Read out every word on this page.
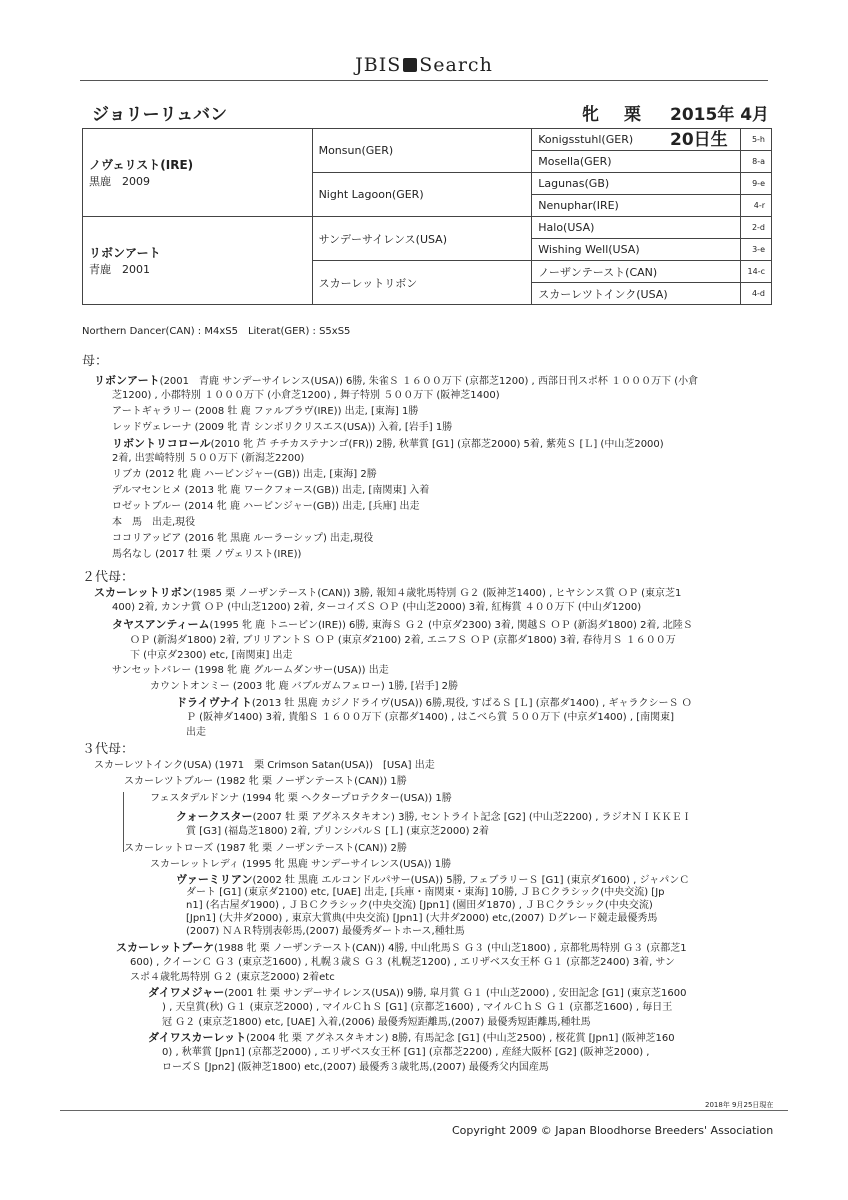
JBIS Search
ジョリーリュバン	牝　栗 2015年 4月20日生
ノヴェリスト(IRE)
黒鹿　2009	Monsun(GER)	Konigsstuhl(GER)	5-h
		Mosella(GER)	8-a
	Night Lagoon(GER)	Lagunas(GB)	9-e
		Nenuphar(IRE)	4-r

リボンアート
青鹿　2001	サンデーサイレンス(USA)	Halo(USA)	2-d
		Wishing Well(USA)	3-e
	スカーレットリボン	ノーザンテースト(CAN)	14-c
		スカーレツトインク(USA)	4-d
Northern Dancer(CAN) : M4xS5　Literat(GER) : S5xS5
母：
２代母：
３代母：
リボンアート(2001　青鹿 サンデーサイレンス(USA)) 6勝, 朱雀Ｓ １６００万下 (京都芝1200) , 西部日刊スポ杯 １０００万下 (小倉
芝1200) , 小郡特別 １０００万下 (小倉芝1200) , 舞子特別 ５００万下 (阪神芝1400)
アートギャラリー (2008 牡 鹿 ファルブラヴ(IRE)) 出走, [東海] 1勝
レッドヴェレーナ (2009 牝 青 シンボリクリスエス(USA)) 入着, [岩手] 1勝
リボントリコロール(2010 牝 芦 チチカステナンゴ(FR)) 2勝, 秋華賞 [G1] (京都芝2000) 5着, 紫苑Ｓ [Ｌ] (中山芝2000)
2着, 出雲崎特別 ５００万下 (新潟芝2200)
リブカ (2012 牝 鹿 ハービンジャー(GB)) 出走, [東海] 2勝
デルマセンヒメ (2013 牝 鹿 ワークフォース(GB)) 出走, [南関東] 入着
ロゼットブルー (2014 牝 鹿 ハービンジャー(GB)) 出走, [兵庫] 出走
本　馬　出走,現役
ココリアッピア (2016 牝 黒鹿 ルーラーシップ) 出走,現役
馬名なし (2017 牡 栗 ノヴェリスト(IRE))
スカーレットリボン(1985 栗 ノーザンテースト(CAN)) 3勝, 報知４歳牝馬特別 Ｇ２ (阪神芝1400) , ヒヤシンス賞 ＯＰ (東京芝1
400) 2着, カンナ賞 ＯＰ (中山芝1200) 2着, ターコイズＳ ＯＰ (中山芝2000) 3着, 紅梅賞 ４００万下 (中山ダ1200)
タヤスアンティーム(1995 牝 鹿 トニービン(IRE)) 6勝, 東海Ｓ Ｇ２ (中京ダ2300) 3着, 関越Ｓ ＯＰ (新潟ダ1800) 2着, 北陸Ｓ
ＯＰ (新潟ダ1800) 2着, ブリリアントＳ ＯＰ (東京ダ2100) 2着, エニフＳ ＯＰ (京都ダ1800) 3着, 春待月Ｓ １６００万
下 (中京ダ2300) etc, [南関東] 出走
サンセットバレー (1998 牝 鹿 グルームダンサー(USA)) 出走
カウントオンミー (2003 牝 鹿 バブルガムフェロー) 1勝, [岩手] 2勝
ドライヴナイト(2013 牡 黒鹿 カジノドライヴ(USA)) 6勝,現役, すばるＳ [Ｌ] (京都ダ1400) , ギャラクシーＳ Ｏ
Ｐ (阪神ダ1400) 3着, 貴船Ｓ １６００万下 (京都ダ1400) , はこべら賞 ５００万下 (中京ダ1400) , [南関東]
出走
スカーレツトインク(USA) (1971　栗 Crimson Satan(USA))　[USA] 出走
スカーレツトブルー (1982 牝 栗 ノーザンテースト(CAN)) 1勝
フェスタデルドンナ (1994 牝 栗 ヘクタープロテクター(USA)) 1勝
クォークスター(2007 牡 栗 アグネスタキオン) 3勝, セントライト記念 [G2] (中山芝2200) , ラジオＮＩＫＫＥＩ
賞 [G3] (福島芝1800) 2着, プリンシパルＳ [Ｌ] (東京芝2000) 2着
スカーレットローズ (1987 牝 栗 ノーザンテースト(CAN)) 2勝
スカーレットレディ (1995 牝 黒鹿 サンデーサイレンス(USA)) 1勝
ヴァーミリアン(2002 牡 黒鹿 エルコンドルパサー(USA)) 5勝, フェブラリーＳ [G1] (東京ダ1600) , ジャパンＣ
ダート [G1] (東京ダ2100) etc, [UAE] 出走, [兵庫・南関東・東海] 10勝, ＪＢＣクラシック(中央交流) [Jp
n1] (名古屋ダ1900) , ＪＢＣクラシック(中央交流) [Jpn1] (園田ダ1870) , ＪＢＣクラシック(中央交流)
[Jpn1] (大井ダ2000) , 東京大賞典(中央交流) [Jpn1] (大井ダ2000) etc,(2007) Ｄグレード競走最優秀馬
(2007) ＮＡＲ特別表彰馬,(2007) 最優秀ダートホース,種牡馬
スカーレットブーケ(1988 牝 栗 ノーザンテースト(CAN)) 4勝, 中山牝馬Ｓ Ｇ３ (中山芝1800) , 京都牝馬特別 Ｇ３ (京都芝1
600) , クイーンＣ Ｇ３ (東京芝1600) , 札幌３歳Ｓ Ｇ３ (札幌芝1200) , エリザベス女王杯 Ｇ１ (京都芝2400) 3着, サン
スポ４歳牝馬特別 Ｇ２ (東京芝2000) 2着etc
ダイワメジャー(2001 牡 栗 サンデーサイレンス(USA)) 9勝, 皐月賞 Ｇ１ (中山芝2000) , 安田記念 [G1] (東京芝1600
) , 天皇賞(秋) Ｇ１ (東京芝2000) , マイルＣｈＳ [G1] (京都芝1600) , マイルＣｈＳ Ｇ１ (京都芝1600) , 毎日王
冠 Ｇ２ (東京芝1800) etc, [UAE] 入着,(2006) 最優秀短距離馬,(2007) 最優秀短距離馬,種牡馬
ダイワスカーレット(2004 牝 栗 アグネスタキオン) 8勝, 有馬記念 [G1] (中山芝2500) , 桜花賞 [Jpn1] (阪神芝160
0) , 秋華賞 [Jpn1] (京都芝2000) , エリザベス女王杯 [G1] (京都芝2200) , 産経大阪杯 [G2] (阪神芝2000) ,
ローズＳ [Jpn2] (阪神芝1800) etc,(2007) 最優秀３歳牝馬,(2007) 最優秀父内国産馬
2018年 9月25日現在
Copyright 2009 © Japan Bloodhorse Breeders' Association
